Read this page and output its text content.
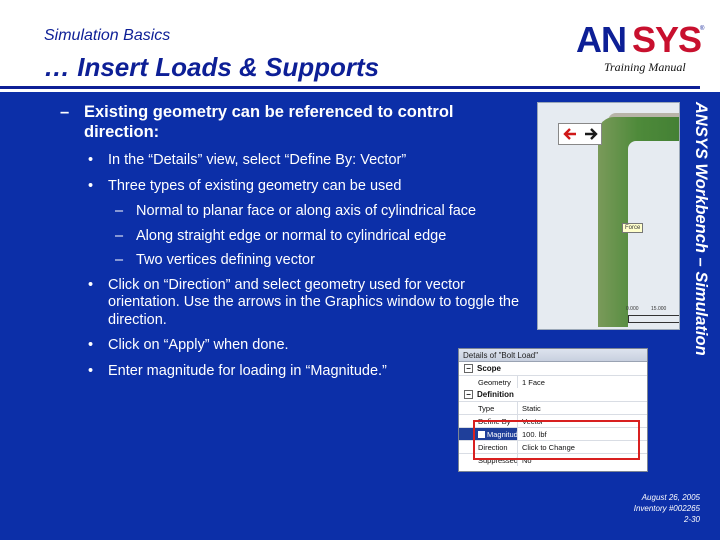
Simulation Basics
… Insert Loads & Supports
AN SYS
®
Training Manual
– Existing geometry can be referenced to control direction:
• In the “Details” view, select “Define By: Vector”
• Three types of existing geometry can be used
– Normal to planar face or along axis of cylindrical face
– Along straight edge or normal to cylindrical edge
– Two vertices defining vector
• Click on “Direction” and select geometry used for vector orientation. Use the arrows in the Graphics window to toggle the direction.
• Click on “Apply” when done.
• Enter magnitude for loading in “Magnitude.”
Force
0.000	15.000 ANSYS Workbench – Simulation
Details of "Bolt Load"
− Scope
Geometry	1 Face
− Definition
Type	Static
Define By	Vector
Magnitude 100. lbf
Direction	Click to Change
Suppressed No
August 26, 2005
Inventory #002265
2-30
